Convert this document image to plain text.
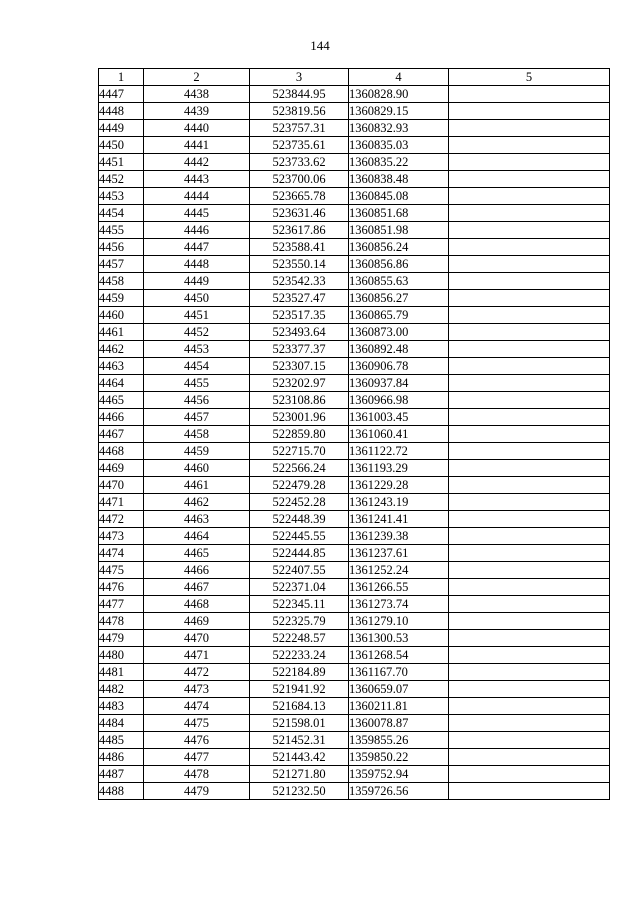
144
1	2	3	4	5
4447	4438	523844.95	1360828.90	
4448	4439	523819.56	1360829.15	
4449	4440	523757.31	1360832.93	
4450	4441	523735.61	1360835.03	
4451	4442	523733.62	1360835.22	
4452	4443	523700.06	1360838.48	
4453	4444	523665.78	1360845.08	
4454	4445	523631.46	1360851.68	
4455	4446	523617.86	1360851.98	
4456	4447	523588.41	1360856.24	
4457	4448	523550.14	1360856.86	
4458	4449	523542.33	1360855.63	
4459	4450	523527.47	1360856.27	
4460	4451	523517.35	1360865.79	
4461	4452	523493.64	1360873.00	
4462	4453	523377.37	1360892.48	
4463	4454	523307.15	1360906.78	
4464	4455	523202.97	1360937.84	
4465	4456	523108.86	1360966.98	
4466	4457	523001.96	1361003.45	
4467	4458	522859.80	1361060.41	
4468	4459	522715.70	1361122.72	
4469	4460	522566.24	1361193.29	
4470	4461	522479.28	1361229.28	
4471	4462	522452.28	1361243.19	
4472	4463	522448.39	1361241.41	
4473	4464	522445.55	1361239.38	
4474	4465	522444.85	1361237.61	
4475	4466	522407.55	1361252.24	
4476	4467	522371.04	1361266.55	
4477	4468	522345.11	1361273.74	
4478	4469	522325.79	1361279.10	
4479	4470	522248.57	1361300.53	
4480	4471	522233.24	1361268.54	
4481	4472	522184.89	1361167.70	
4482	4473	521941.92	1360659.07	
4483	4474	521684.13	1360211.81	
4484	4475	521598.01	1360078.87	
4485	4476	521452.31	1359855.26	
4486	4477	521443.42	1359850.22	
4487	4478	521271.80	1359752.94	
4488	4479	521232.50	1359726.56	
